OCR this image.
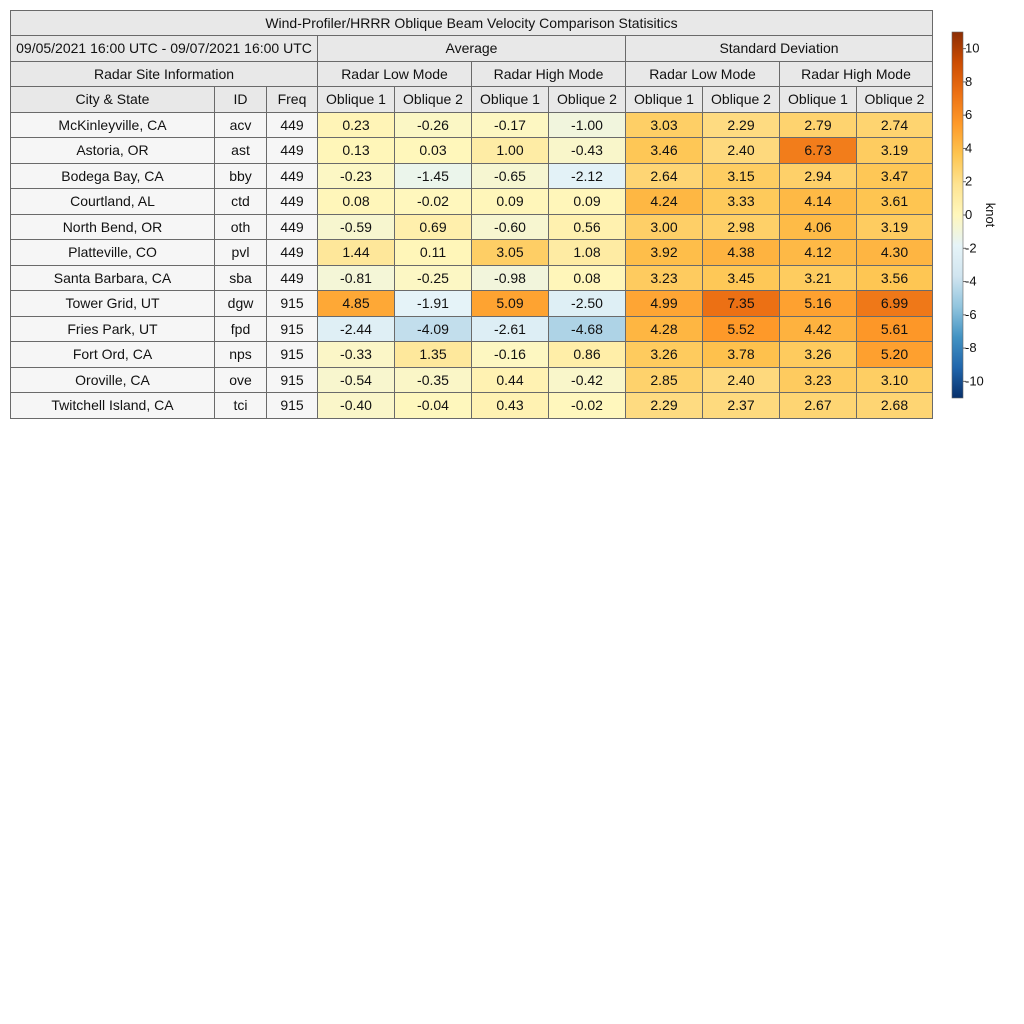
Wind-Profiler/HRRR Oblique Beam Velocity Comparison Statisitics										
09/05/2021 16:00 UTC - 09/07/2021 16:00 UTC			Average				Standard Deviation			
Radar Site Information			Radar Low Mode		Radar High Mode		Radar Low Mode		Radar High Mode	
City & State	ID	Freq	Oblique 1	Oblique 2	Oblique 1	Oblique 2	Oblique 1	Oblique 2	Oblique 1	Oblique 2
McKinleyville, CA	acv	449	0.23	-0.26	-0.17	-1.00	3.03	2.29	2.79	2.74
Astoria, OR	ast	449	0.13	0.03	1.00	-0.43	3.46	2.40	6.73	3.19
Bodega Bay, CA	bby	449	-0.23	-1.45	-0.65	-2.12	2.64	3.15	2.94	3.47
Courtland, AL	ctd	449	0.08	-0.02	0.09	0.09	4.24	3.33	4.14	3.61
North Bend, OR	oth	449	-0.59	0.69	-0.60	0.56	3.00	2.98	4.06	3.19
Platteville, CO	pvl	449	1.44	0.11	3.05	1.08	3.92	4.38	4.12	4.30
Santa Barbara, CA	sba	449	-0.81	-0.25	-0.98	0.08	3.23	3.45	3.21	3.56
Tower Grid, UT	dgw	915	4.85	-1.91	5.09	-2.50	4.99	7.35	5.16	6.99
Fries Park, UT	fpd	915	-2.44	-4.09	-2.61	-4.68	4.28	5.52	4.42	5.61
Fort Ord, CA	nps	915	-0.33	1.35	-0.16	0.86	3.26	3.78	3.26	5.20
Oroville, CA	ove	915	-0.54	-0.35	0.44	-0.42	2.85	2.40	3.23	3.10
Twitchell Island, CA	tci	915	-0.40	-0.04	0.43	-0.02	2.29	2.37	2.67	2.68
10
8
6
4
2
0
-2
-4
-6
-8
-10
knot
